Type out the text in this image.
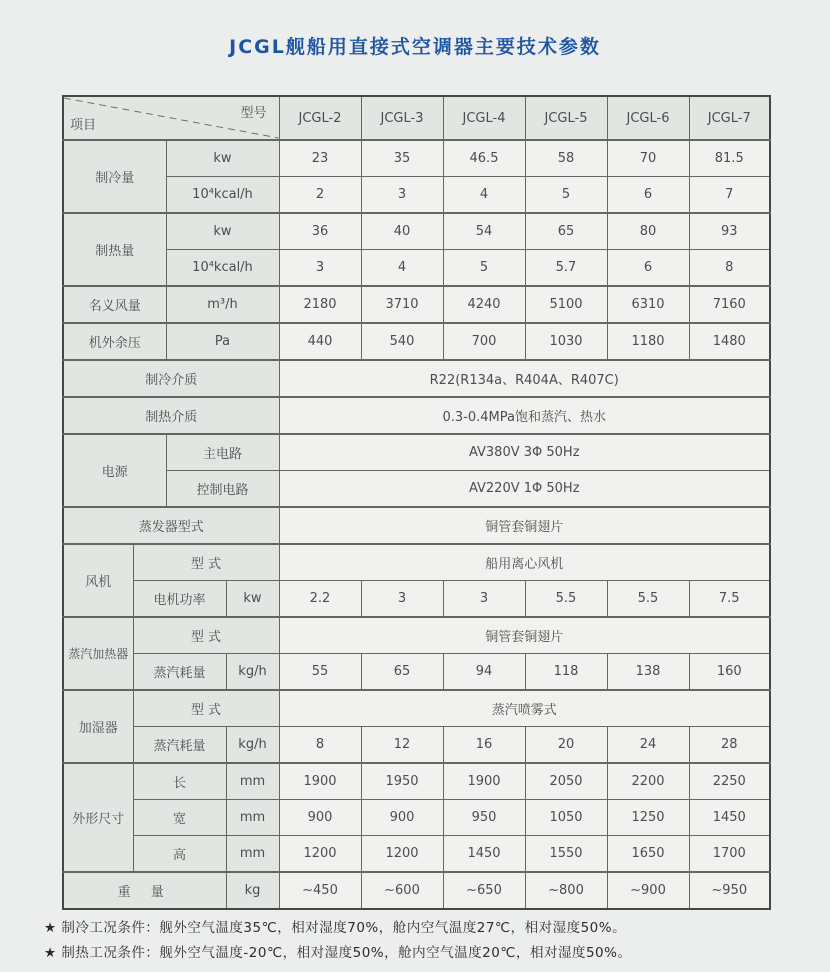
JCGL舰船用直接式空调器主要技术参数
型号
项目				JCGL-2	JCGL-3	JCGL-4	JCGL-5	JCGL-6	JCGL-7
制冷量		kw		23	35	46.5	58	70	81.5
		10⁴kcal/h		2	3	4	5	6	7
制热量		kw		36	40	54	65	80	93
		10⁴kcal/h		3	4	5	5.7	6	8
名义风量		m³/h		2180	3710	4240	5100	6310	7160
机外余压		Pa		440	540	700	1030	1180	1480
制冷介质				R22(R134a、R404A、R407C)					
制热介质				0.3-0.4MPa饱和蒸汽、热水					
电源		主电路		AV380V 3Φ 50Hz					
		控制电路		AV220V 1Φ 50Hz					
蒸发器型式				铜管套铜翅片					
风机	型 式			船用离心风机					
	电机功率		kw	2.2	3	3	5.5	5.5	7.5
蒸汽加热器	型 式			铜管套铜翅片					
	蒸汽耗量		kg/h	55	65	94	118	138	160
加湿器	型 式			蒸汽喷雾式					
	蒸汽耗量		kg/h	8	12	16	20	24	28
外形尺寸	长		mm	1900	1950	1900	2050	2200	2250
	宽		mm	900	900	950	1050	1250	1450
	高		mm	1200	1200	1450	1550	1650	1700
重 量			kg	~450	~600	~650	~800	~900	~950

★ 制冷工况条件：舰外空气温度35℃，相对湿度70%，舱内空气温度27℃，相对湿度50%。

★ 制热工况条件：舰外空气温度-20℃，相对湿度50%，舱内空气温度20℃，相对湿度50%。
